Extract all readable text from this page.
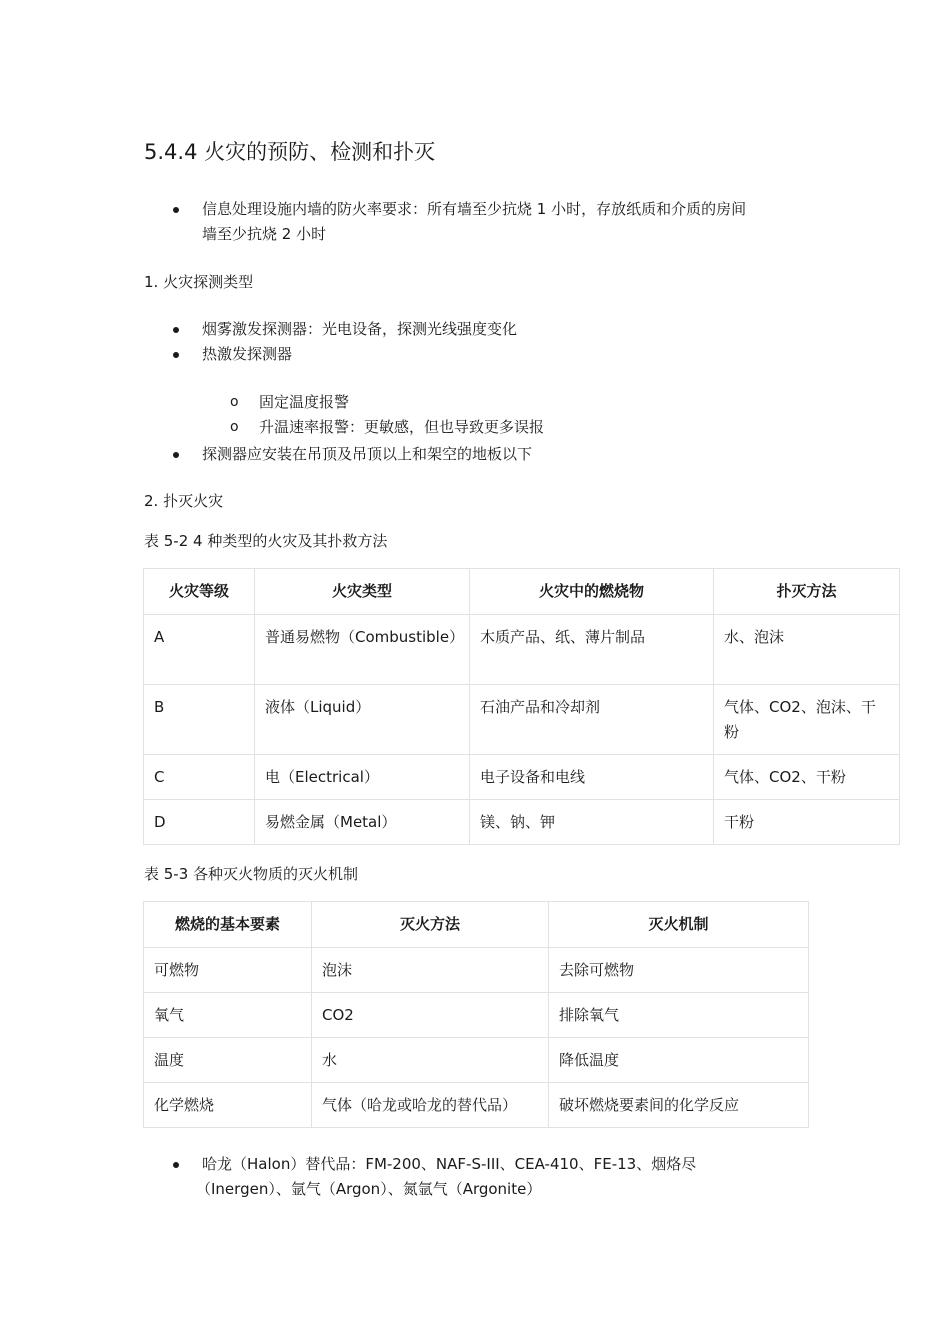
5.4.4 火灾的预防、检测和扑灭
信息处理设施内墙的防火率要求：所有墙至少抗烧 1 小时，存放纸质和介质的房间
墙至少抗烧 2 小时
1. 火灾探测类型
烟雾激发探测器：光电设备，探测光线强度变化
热激发探测器
o 固定温度报警
o 升温速率报警：更敏感，但也导致更多误报
探测器应安装在吊顶及吊顶以上和架空的地板以下
2. 扑灭火灾
表 5-2 4 种类型的火灾及其扑救方法
火灾等级	火灾类型	火灾中的燃烧物	扑灭方法
A	普通易燃物（Combustible）	木质产品、纸、薄片制品	水、泡沫
B	液体（Liquid）	石油产品和冷却剂	气体、CO2、泡沫、干粉
C	电（Electrical）	电子设备和电线	气体、CO2、干粉
D	易燃金属（Metal）	镁、钠、钾	干粉
表 5-3 各种灭火物质的灭火机制
燃烧的基本要素	灭火方法	灭火机制
可燃物	泡沫	去除可燃物
氧气	CO2	排除氧气
温度	水	降低温度
化学燃烧	气体（哈龙或哈龙的替代品）	破坏燃烧要素间的化学反应
哈龙（Halon）替代品：FM-200、NAF-S-III、CEA-410、FE-13、烟烙尽
（Inergen）、氩气（Argon）、氮氩气（Argonite）
